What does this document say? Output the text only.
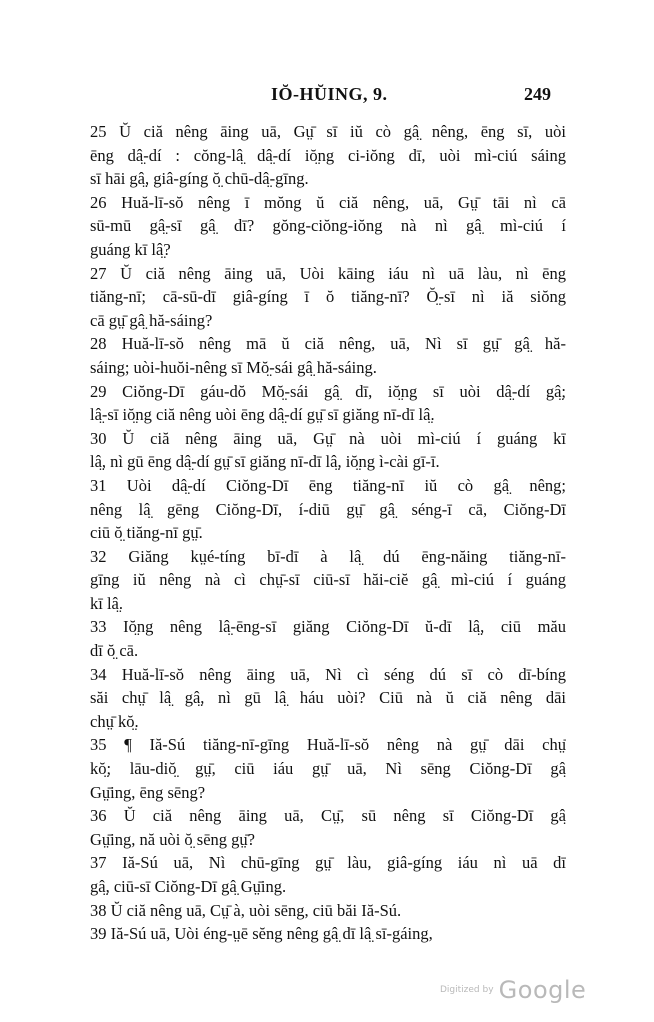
IŎ-HŬING, 9.	249
25 Ŭ ciă nêng āing uā, Gṳ̄ sī iŭ cò gâ̤ nêng, ēng sī, uòi
ēng dâ̤-dí : cŏng-lâ̤ dâ̤-dí iŏ̤ng ci-iŏng dī, uòi mì-ciú sáing
sī hāi gâ̤, giâ-gíng ŏ̤ chū-dâ̤-gīng.
26 Huă-lī-sŏ nêng ī mŏng ŭ ciă nêng, uā, Gṳ̄ tāi nì cā
sū-mū gâ̤-sī gâ̤ dī? gŏng-ciŏng-iŏng nà nì gâ̤ mì-ciú í
guáng kī lâ̤?
27 Ŭ ciă nêng āing uā, Uòi kāing iáu nì uā làu, nì ēng
tiăng-nī; cā-sū-dī giâ-gíng ī ŏ tiăng-nī? Ŏ̤-sī nì iă siŏng
cā gṳ̄ gâ̤ hă-sáing?
28 Huă-lī-sŏ nêng mā ŭ ciă nêng, uā, Nì sī gṳ̄ gâ̤ hă-
sáing; uòi-huŏi-nêng sī Mŏ̤-sái gâ̤ hă-sáing.
29 Ciŏng-Dī gáu-dŏ Mŏ̤-sái gâ̤ dī, iŏ̤ng sī uòi dâ̤-dí gâ̤;
lâ̤-sī iŏ̤ng ciă nêng uòi ēng dâ̤-dí gṳ̄ sī giăng nī-dī lâ̤.
30 Ŭ ciă nêng āing uā, Gṳ̄ nà uòi mì-ciú í guáng kī
lâ̤, nì gū ēng dâ̤-dí gṳ̄ sī giăng nī-dī lâ̤, iŏ̤ng ì-cài gī-ī.
31 Uòi dâ̤-dí Ciŏng-Dī ēng tiăng-nī iŭ cò gâ̤ nêng;
nêng lâ̤ gēng Ciŏng-Dī, í-diū gṳ̄ gâ̤ séng-ī cā, Ciŏng-Dī
ciū ŏ̤ tiăng-nī gṳ̄.
32 Giăng kṳé-tíng bī-dī à lâ̤ dú ēng-năing tiăng-nī-
gīng iŭ nêng nà cì chṳ̄-sī ciū-sī hăi-ciĕ gâ̤ mì-ciú í guáng
kī lâ̤.
33 Iŏ̤ng nêng lâ̤-ēng-sī giăng Ciŏng-Dī ŭ-dī lâ̤, ciū mău
dī ŏ̤ cā.
34 Huă-lī-sŏ nêng āing uā, Nì cì séng dú sī cò dī-bíng
săi chṳ̄ lâ̤ gâ̤, nì gū lâ̤ háu uòi? Ciū nà ŭ ciă nêng dāi
chṳ̄ kŏ̤.
35 ¶ Iă-Sú tiăng-nī-gīng Huă-lī-sŏ nêng nà gṳ̄ dāi chṳ̄
kŏ̤; lāu-diŏ̤ gṳ̄, ciū iáu gṳ̄ uā, Nì sēng Ciŏng-Dī gâ̤
Gṳ̄ing, ēng sēng?
36 Ŭ ciă nêng āing uā, Cṳ̄, sū nêng sī Ciŏng-Dī gâ̤
Gṳ̄ing, nă uòi ŏ̤ sēng gṳ̄?
37 Iă-Sú uā, Nì chū-gīng gṳ̄ làu, giâ-gíng iáu nì uā dī
gâ̤, ciū-sī Ciŏng-Dī gâ̤ Gṳ̄ing.
38 Ŭ ciă nêng uā, Cṳ̄ à, uòi sēng, ciū băi Iă-Sú.
39 Iă-Sú uā, Uòi éng-ṳē sĕng nêng gâ̤ dī lâ̤ sī-gáing,
Digitized by Google
